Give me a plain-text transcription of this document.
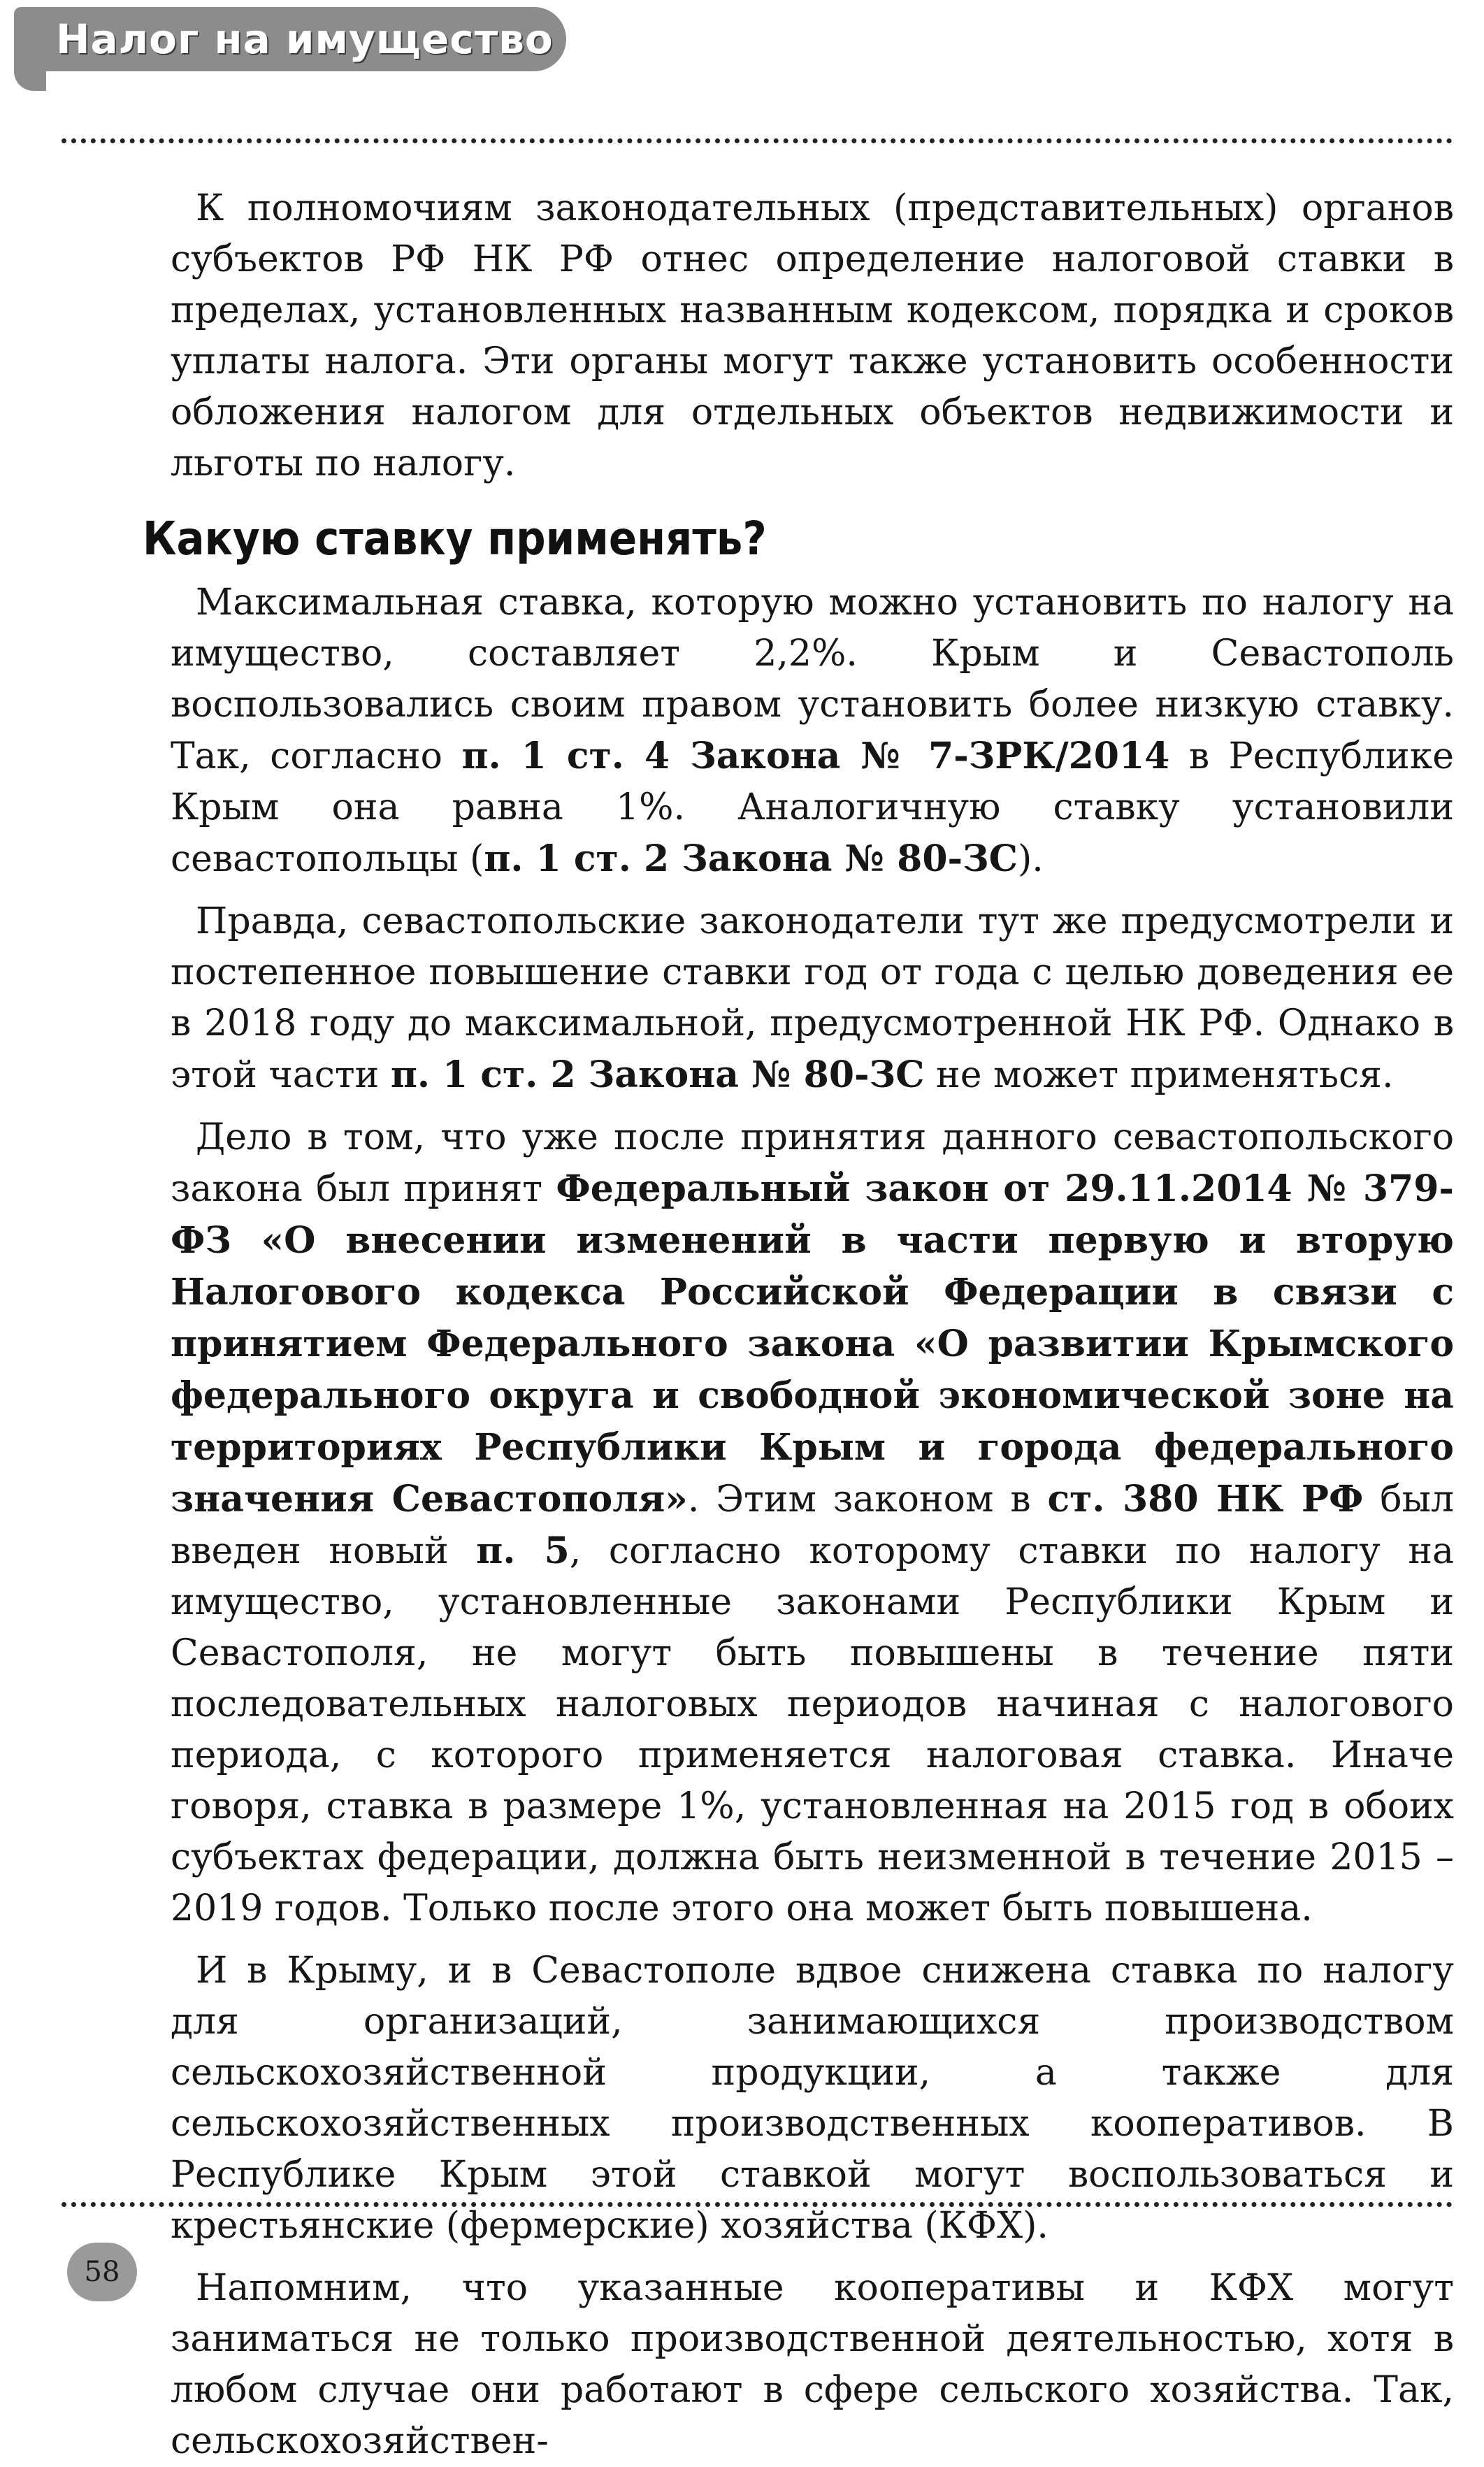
Налог на имущество

К полномочиям законодательных (представительных) органов субъектов РФ НК РФ отнес определение налоговой ставки в пределах, установленных названным кодексом, порядка и сроков уплаты налога. Эти органы могут также установить особенности обложения налогом для отдельных объектов недвижимости и льготы по налогу.

Какую ставку применять?

Максимальная ставка, которую можно установить по налогу на имущество, составляет 2,2%. Крым и Севастополь воспользовались своим правом установить более низкую ставку. Так, согласно п. 1 ст. 4 Закона № 7-ЗРК/2014 в Республике Крым она равна 1%. Аналогичную ставку установили севастопольцы (п. 1 ст. 2 Закона № 80-ЗС).

Правда, севастопольские законодатели тут же предусмотрели и постепенное повышение ставки год от года с целью доведения ее в 2018 году до максимальной, предусмотренной НК РФ. Однако в этой части п. 1 ст. 2 Закона № 80-ЗС не может применяться.

Дело в том, что уже после принятия данного севастопольского закона был принят Федеральный закон от 29.11.2014 № 379-ФЗ «О внесении изменений в части первую и вторую Налогового кодекса Российской Федерации в связи с принятием Федерального закона «О развитии Крымского федерального округа и свободной экономической зоне на территориях Республики Крым и города федерального значения Севастополя». Этим законом в ст. 380 НК РФ был введен новый п. 5, согласно которому ставки по налогу на имущество, установленные законами Республики Крым и Севастополя, не могут быть повышены в течение пяти последовательных налоговых периодов начиная с налогового периода, с которого применяется налоговая ставка. Иначе говоря, ставка в размере 1%, установленная на 2015 год в обоих субъектах федерации, должна быть неизменной в течение 2015 – 2019 годов. Только после этого она может быть повышена.

И в Крыму, и в Севастополе вдвое снижена ставка по налогу для организаций, занимающихся производством сельскохозяйственной продукции, а также для сельскохозяйственных производственных кооперативов. В Республике Крым этой ставкой могут воспользоваться и крестьянские (фермерские) хозяйства (КФХ).

Напомним, что указанные кооперативы и КФХ могут заниматься не только производственной деятельностью, хотя в любом случае они работают в сфере сельского хозяйства. Так, сельскохозяйствен-

58
